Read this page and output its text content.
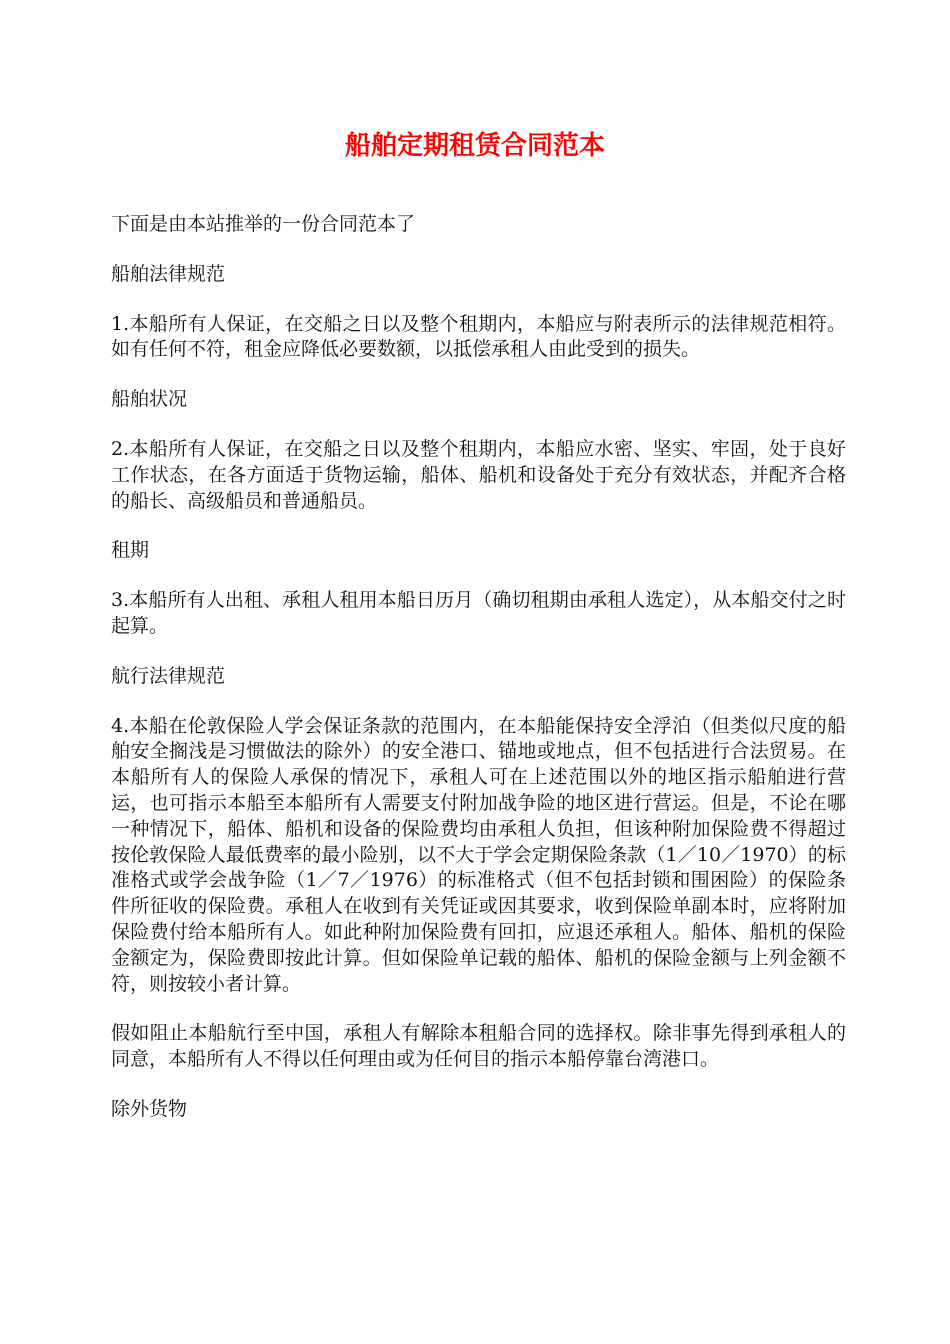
船舶定期租赁合同范本

下面是由本站推举的一份合同范本了

船舶法律规范

1.本船所有人保证，在交船之日以及整个租期内，本船应与附表所示的法律规范相符。如有任何不符，租金应降低必要数额，以抵偿承租人由此受到的损失。

船舶状况

2.本船所有人保证，在交船之日以及整个租期内，本船应水密、坚实、牢固，处于良好工作状态，在各方面适于货物运输，船体、船机和设备处于充分有效状态，并配齐合格的船长、高级船员和普通船员。

租期

3.本船所有人出租、承租人租用本船日历月（确切租期由承租人选定），从本船交付之时起算。

航行法律规范

4.本船在伦敦保险人学会保证条款的范围内，在本船能保持安全浮泊（但类似尺度的船舶安全搁浅是习惯做法的除外）的安全港口、锚地或地点，但不包括进行合法贸易。在本船所有人的保险人承保的情况下，承租人可在上述范围以外的地区指示船舶进行营运，也可指示本船至本船所有人需要支付附加战争险的地区进行营运。但是，不论在哪一种情况下，船体、船机和设备的保险费均由承租人负担，但该种附加保险费不得超过按伦敦保险人最低费率的最小险别，以不大于学会定期保险条款（1／10／1970）的标准格式或学会战争险（1／7／1976）的标准格式（但不包括封锁和围困险）的保险条件所征收的保险费。承租人在收到有关凭证或因其要求，收到保险单副本时，应将附加保险费付给本船所有人。如此种附加保险费有回扣，应退还承租人。船体、船机的保险金额定为，保险费即按此计算。但如保险单记载的船体、船机的保险金额与上列金额不符，则按较小者计算。

假如阻止本船航行至中国，承租人有解除本租船合同的选择权。除非事先得到承租人的同意，本船所有人不得以任何理由或为任何目的指示本船停靠台湾港口。

除外货物
